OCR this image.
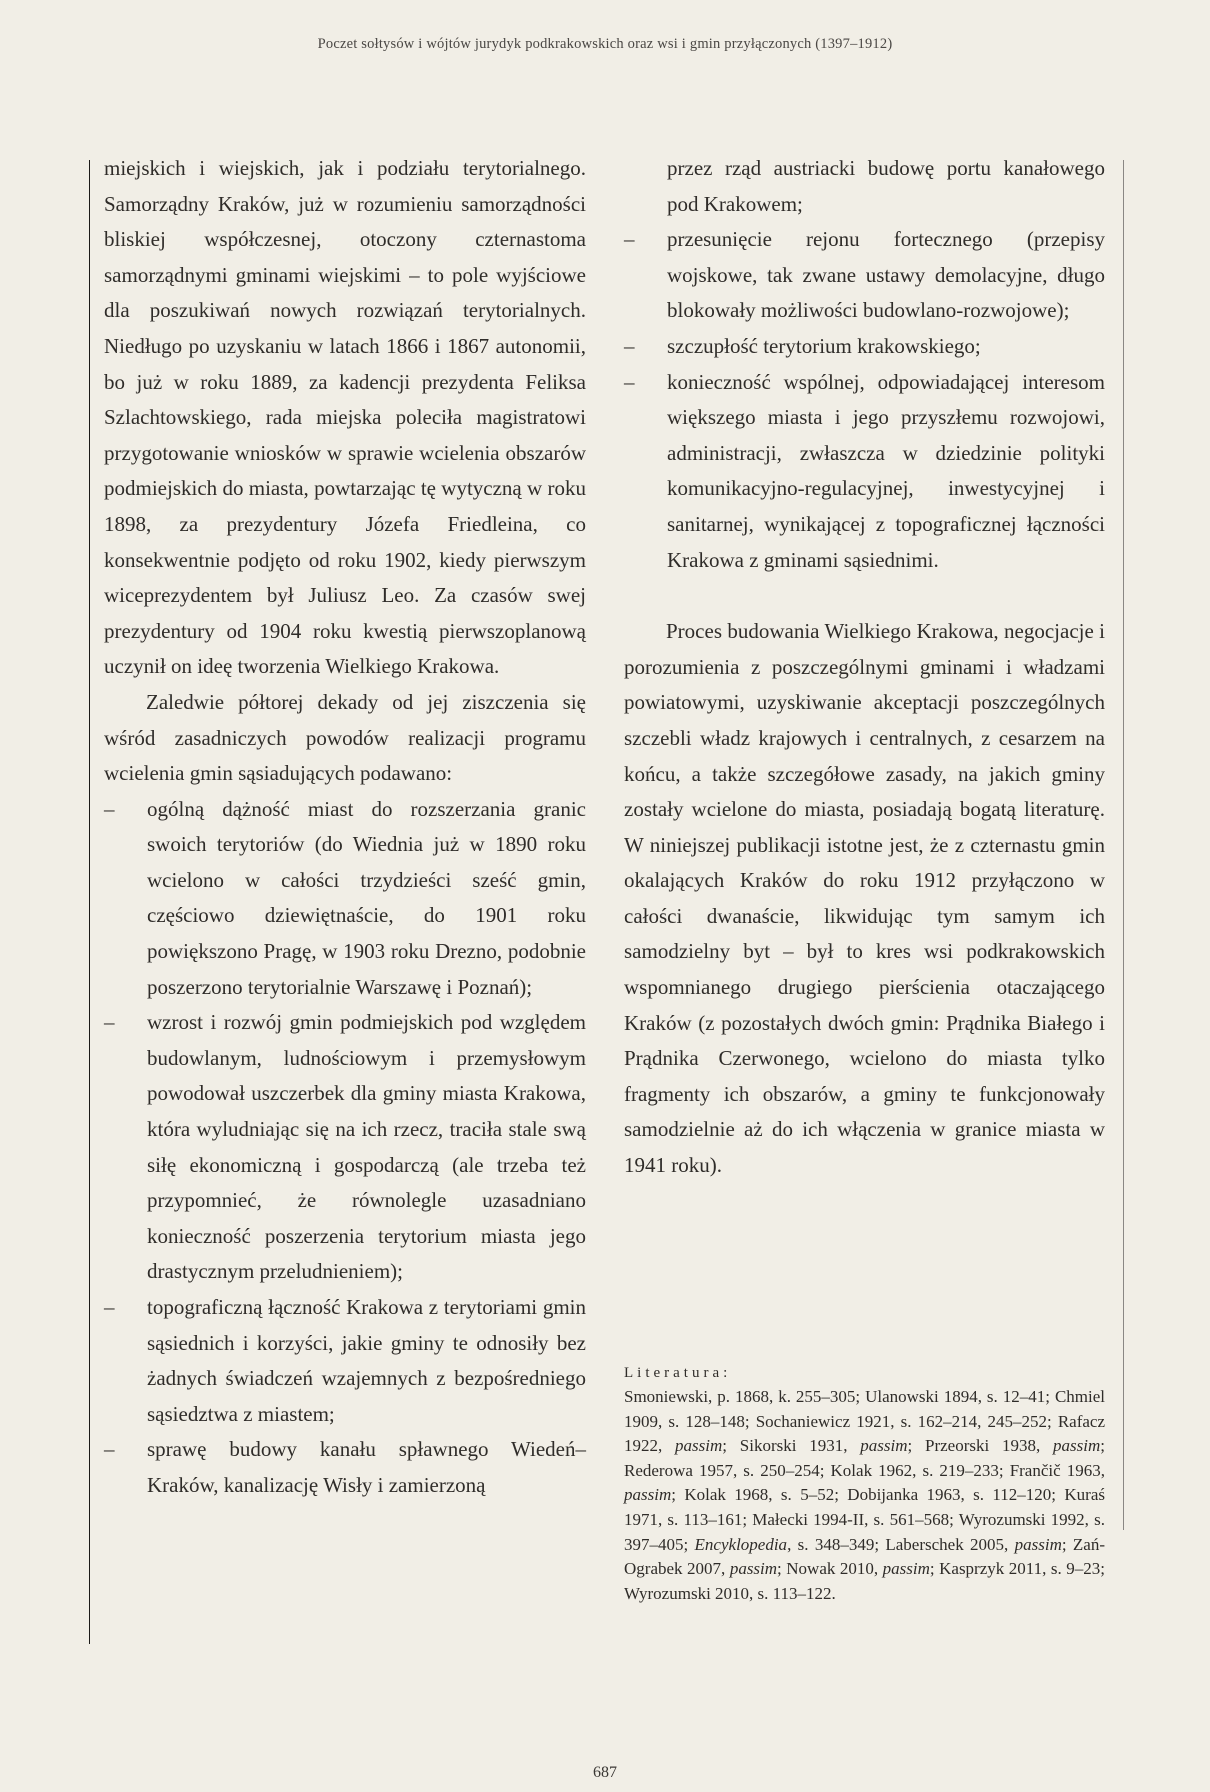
Poczet sołtysów i wójtów jurydyk podkrakowskich oraz wsi i gmin przyłączonych (1397–1912)

miejskich i wiejskich, jak i podziału terytorialnego. Samorządny Kraków, już w rozumieniu samorządności bliskiej współczesnej, otoczony czternastoma samorządnymi gminami wiejskimi – to pole wyjściowe dla poszukiwań nowych rozwiązań terytorialnych. Niedługo po uzyskaniu w latach 1866 i 1867 autonomii, bo już w roku 1889, za kadencji prezydenta Feliksa Szlachtowskiego, rada miejska poleciła magistratowi przygotowanie wniosków w sprawie wcielenia obszarów podmiejskich do miasta, powtarzając tę wytyczną w roku 1898, za prezydentury Józefa Friedleina, co konsekwentnie podjęto od roku 1902, kiedy pierwszym wiceprezydentem był Juliusz Leo. Za czasów swej prezydentury od 1904 roku kwestią pierwszoplanową uczynił on ideę tworzenia Wielkiego Krakowa.

Zaledwie półtorej dekady od jej ziszczenia się wśród zasadniczych powodów realizacji programu wcielenia gmin sąsiadujących podawano:

– ogólną dążność miast do rozszerzania granic swoich terytoriów (do Wiednia już w 1890 roku wcielono w całości trzydzieści sześć gmin, częściowo dziewiętnaście, do 1901 roku powiększono Pragę, w 1903 roku Drezno, podobnie poszerzono terytorialnie Warszawę i Poznań);
– wzrost i rozwój gmin podmiejskich pod względem budowlanym, ludnościowym i przemysłowym powodował uszczerbek dla gminy miasta Krakowa, która wyludniając się na ich rzecz, traciła stale swą siłę ekonomiczną i gospodarczą (ale trzeba też przypomnieć, że równolegle uzasadniano konieczność poszerzenia terytorium miasta jego drastycznym przeludnieniem);
– topograficzną łączność Krakowa z terytoriami gmin sąsiednich i korzyści, jakie gminy te odnosiły bez żadnych świadczeń wzajemnych z bezpośredniego sąsiedztwa z miastem;
– sprawę budowy kanału spławnego Wiedeń–Kraków, kanalizację Wisły i zamierzoną
przez rząd austriacki budowę portu kanałowego pod Krakowem;
– przesunięcie rejonu fortecznego (przepisy wojskowe, tak zwane ustawy demolacyjne, długo blokowały możliwości budowlano-rozwojowe);
– szczupłość terytorium krakowskiego;
– konieczność wspólnej, odpowiadającej interesom większego miasta i jego przyszłemu rozwojowi, administracji, zwłaszcza w dziedzinie polityki komunikacyjno-regulacyjnej, inwestycyjnej i sanitarnej, wynikającej z topograficznej łączności Krakowa z gminami sąsiednimi.

Proces budowania Wielkiego Krakowa, negocjacje i porozumienia z poszczególnymi gminami i władzami powiatowymi, uzyskiwanie akceptacji poszczególnych szczebli władz krajowych i centralnych, z cesarzem na końcu, a także szczegółowe zasady, na jakich gminy zostały wcielone do miasta, posiadają bogatą literaturę. W niniejszej publikacji istotne jest, że z czternastu gmin okalających Kraków do roku 1912 przyłączono w całości dwanaście, likwidując tym samym ich samodzielny byt – był to kres wsi podkrakowskich wspomnianego drugiego pierścienia otaczającego Kraków (z pozostałych dwóch gmin: Prądnika Białego i Prądnika Czerwonego, wcielono do miasta tylko fragmenty ich obszarów, a gminy te funkcjonowały samodzielnie aż do ich włączenia w granice miasta w 1941 roku).

Literatura:
Smoniewski, p. 1868, k. 255–305; Ulanowski 1894, s. 12–41; Chmiel 1909, s. 128–148; Sochaniewicz 1921, s. 162–214, 245–252; Rafacz 1922, passim; Sikorski 1931, passim; Przeorski 1938, passim; Rederowa 1957, s. 250–254; Kolak 1962, s. 219–233; Frančič 1963, passim; Kolak 1968, s. 5–52; Dobijanka 1963, s. 112–120; Kuraś 1971, s. 113–161; Małecki 1994-II, s. 561–568; Wyrozumski 1992, s. 397–405; Encyklopedia, s. 348–349; Laberschek 2005, passim; Zań-Ograbek 2007, passim; Nowak 2010, passim; Kasprzyk 2011, s. 9–23; Wyrozumski 2010, s. 113–122.
687
